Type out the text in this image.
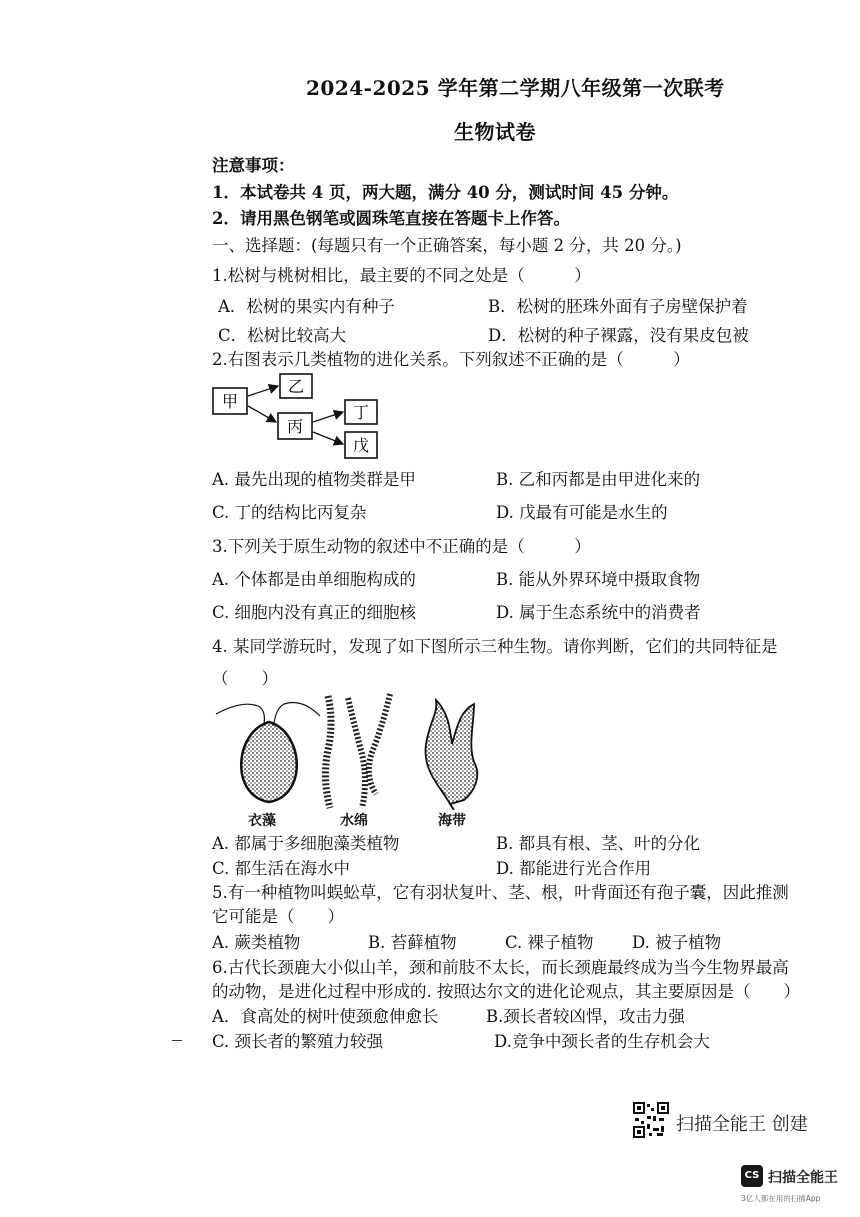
2024-2025 学年第二学期八年级第一次联考
生物试卷
注意事项：
1．本试卷共 4 页，两大题，满分 40 分，测试时间 45 分钟。
2．请用黑色钢笔或圆珠笔直接在答题卡上作答。
一、选择题：(每题只有一个正确答案，每小题 2 分，共 20 分。)
1.松树与桃树相比，最主要的不同之处是（　　　）
A．松树的果实内有种子	B．松树的胚珠外面有子房壁保护着
C．松树比较高大	D．松树的种子裸露，没有果皮包被
2.右图表示几类植物的进化关系。下列叙述不正确的是（　　　）
甲
乙
丙
丁
戊
A. 最先出现的植物类群是甲	B. 乙和丙都是由甲进化来的
C. 丁的结构比丙复杂	D. 戊最有可能是水生的
3.下列关于原生动物的叙述中不正确的是（　　　）
A. 个体都是由单细胞构成的	B. 能从外界环境中摄取食物
C. 细胞内没有真正的细胞核	D. 属于生态系统中的消费者
4. 某同学游玩时，发现了如下图所示三种生物。请你判断，它们的共同特征是
（　　）
衣藻	水绵	海带
A. 都属于多细胞藻类植物	B. 都具有根、茎、叶的分化
C. 都生活在海水中	D. 都能进行光合作用
5.有一种植物叫蜈蚣草，它有羽状复叶、茎、根，叶背面还有孢子囊，因此推测
它可能是（　　）
A. 蕨类植物	B. 苔藓植物	C. 裸子植物 D. 被子植物
6.古代长颈鹿大小似山羊，颈和前肢不太长，而长颈鹿最终成为当今生物界最高
的动物，是进化过程中形成的. 按照达尔文的进化论观点，其主要原因是（　　）
A．食高处的树叶使颈愈伸愈长	B.颈长者较凶悍，攻击力强
C. 颈长者的繁殖力较强	D.竞争中颈长者的生存机会大
扫描全能王 创建
CS 扫描全能王
3亿人都在用的扫描App
